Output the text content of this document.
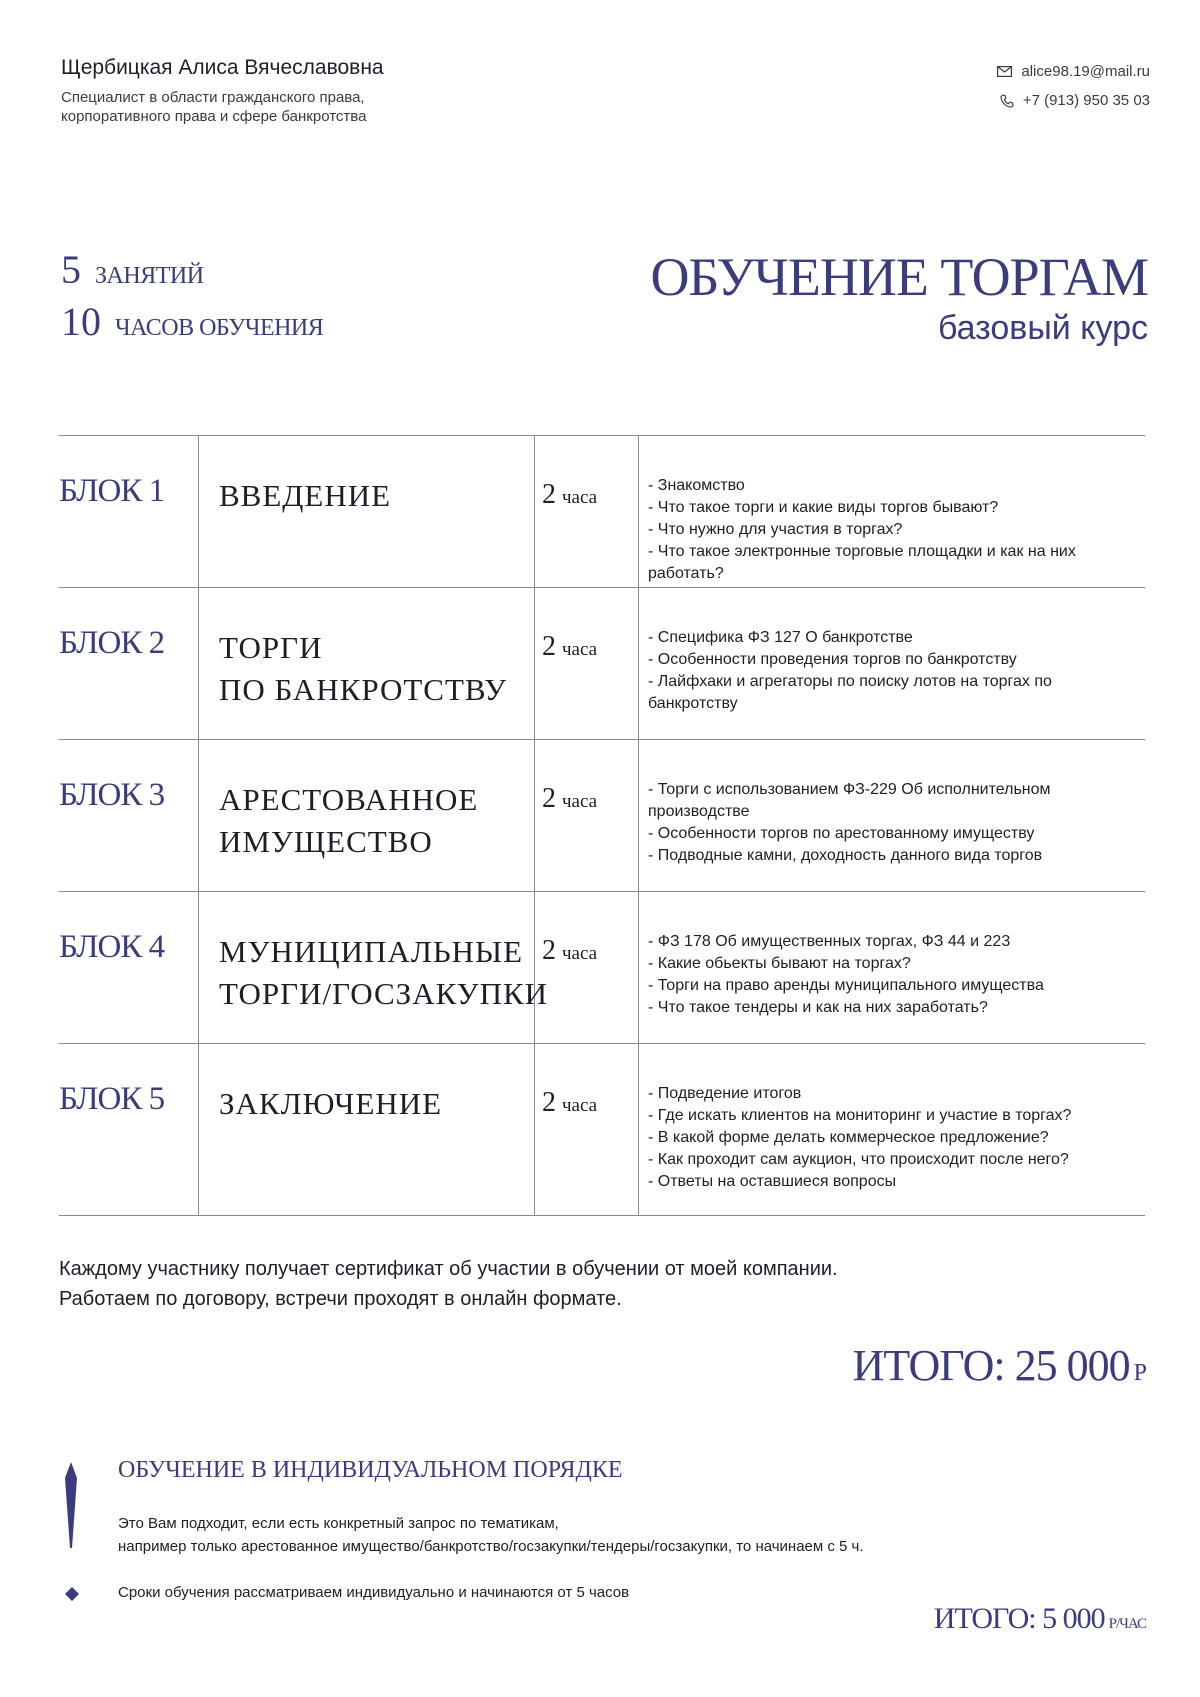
Щербицкая Алиса Вячеславовна
Специалист в области гражданского права,
корпоративного права и сфере банкротства
alice98.19@mail.ru
+7 (913) 950 35 03
5 ЗАНЯТИЙ
10 ЧАСОВ ОБУЧЕНИЯ
ОБУЧЕНИЕ ТОРГАМ
базовый курс
БЛОК 1 ВВЕДЕНИЕ	2 часа
- Знакомство
- Что такое торги и какие виды торгов бывают?
- Что нужно для участия в торгах?
- Что такое электронные торговые площадки и как на них работать?
БЛОК 2 ТОРГИ
ПО БАНКРОТСТВУ
2 часа
- Специфика ФЗ 127 О банкротстве
- Особенности проведения торгов по банкротству
- Лайфхаки и агрегаторы по поиску лотов на торгах по банкротству
БЛОК 3 АРЕСТОВАННОЕ
ИМУЩЕСТВО
2 часа
- Торги с использованием ФЗ-229 Об исполнительном производстве
- Особенности торгов по арестованному имуществу
- Подводные камни, доходность данного вида торгов
БЛОК 4 МУНИЦИПАЛЬНЫЕ
ТОРГИ/ГОСЗАКУПКИ
2 часа
- ФЗ 178 Об имущественных торгах, ФЗ 44 и 223
- Какие обьекты бывают на торгах?
- Торги на право аренды муниципального имущества
- Что такое тендеры и как на них заработать?
БЛОК 5 ЗАКЛЮЧЕНИЕ	2 часа
- Подведение итогов
- Где искать клиентов на мониторинг и участие в торгах?
- В какой форме делать коммерческое предложение?
- Как проходит сам аукцион, что происходит после него?
- Ответы на оставшиеся вопросы
Каждому участнику получает сертификат об участии в обучении от моей компании.
Работаем по договору, встречи проходят в онлайн формате.
ИТОГО: 25 000 Р
ОБУЧЕНИЕ В ИНДИВИДУАЛЬНОМ ПОРЯДКЕ
Это Вам подходит, если есть конкретный запрос по тематикам,
например только арестованное имущество/банкротство/госзакупки/тендеры/госзакупки, то начинаем с 5 ч.
Сроки обучения рассматриваем индивидуально и начинаются от 5 часов
ИТОГО: 5 000 Р/ЧАС
